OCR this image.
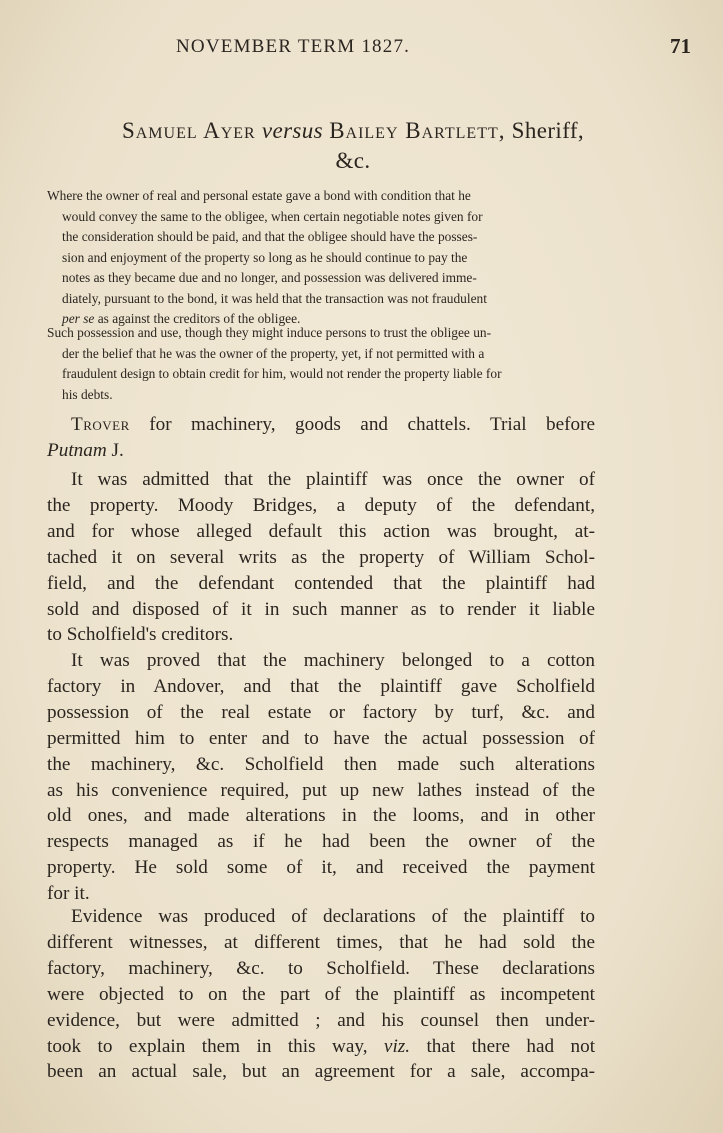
NOVEMBER TERM 1827.	71
Samuel Ayer versus Bailey Bartlett, Sheriff,
&c.
Where the owner of real and personal estate gave a bond with condition that he
would convey the same to the obligee, when certain negotiable notes given for
the consideration should be paid, and that the obligee should have the posses-
sion and enjoyment of the property so long as he should continue to pay the
notes as they became due and no longer, and possession was delivered imme-
diately, pursuant to the bond, it was held that the transaction was not fraudulent
per se as against the creditors of the obligee.
Such possession and use, though they might induce persons to trust the obligee un-
der the belief that he was the owner of the property, yet, if not permitted with a
fraudulent design to obtain credit for him, would not render the property liable for
his debts.
Trover for machinery, goods and chattels. Trial before
Putnam J.
It was admitted that the plaintiff was once the owner of
the property. Moody Bridges, a deputy of the defendant,
and for whose alleged default this action was brought, at-
tached it on several writs as the property of William Schol-
field, and the defendant contended that the plaintiff had
sold and disposed of it in such manner as to render it liable
to Scholfield's creditors.
It was proved that the machinery belonged to a cotton
factory in Andover, and that the plaintiff gave Scholfield
possession of the real estate or factory by turf, &c. and
permitted him to enter and to have the actual possession of
the machinery, &c. Scholfield then made such alterations
as his convenience required, put up new lathes instead of the
old ones, and made alterations in the looms, and in other
respects managed as if he had been the owner of the
property. He sold some of it, and received the payment
for it.
Evidence was produced of declarations of the plaintiff to
different witnesses, at different times, that he had sold the
factory, machinery, &c. to Scholfield. These declarations
were objected to on the part of the plaintiff as incompetent
evidence, but were admitted ; and his counsel then under-
took to explain them in this way, viz. that there had not
been an actual sale, but an agreement for a sale, accompa-
